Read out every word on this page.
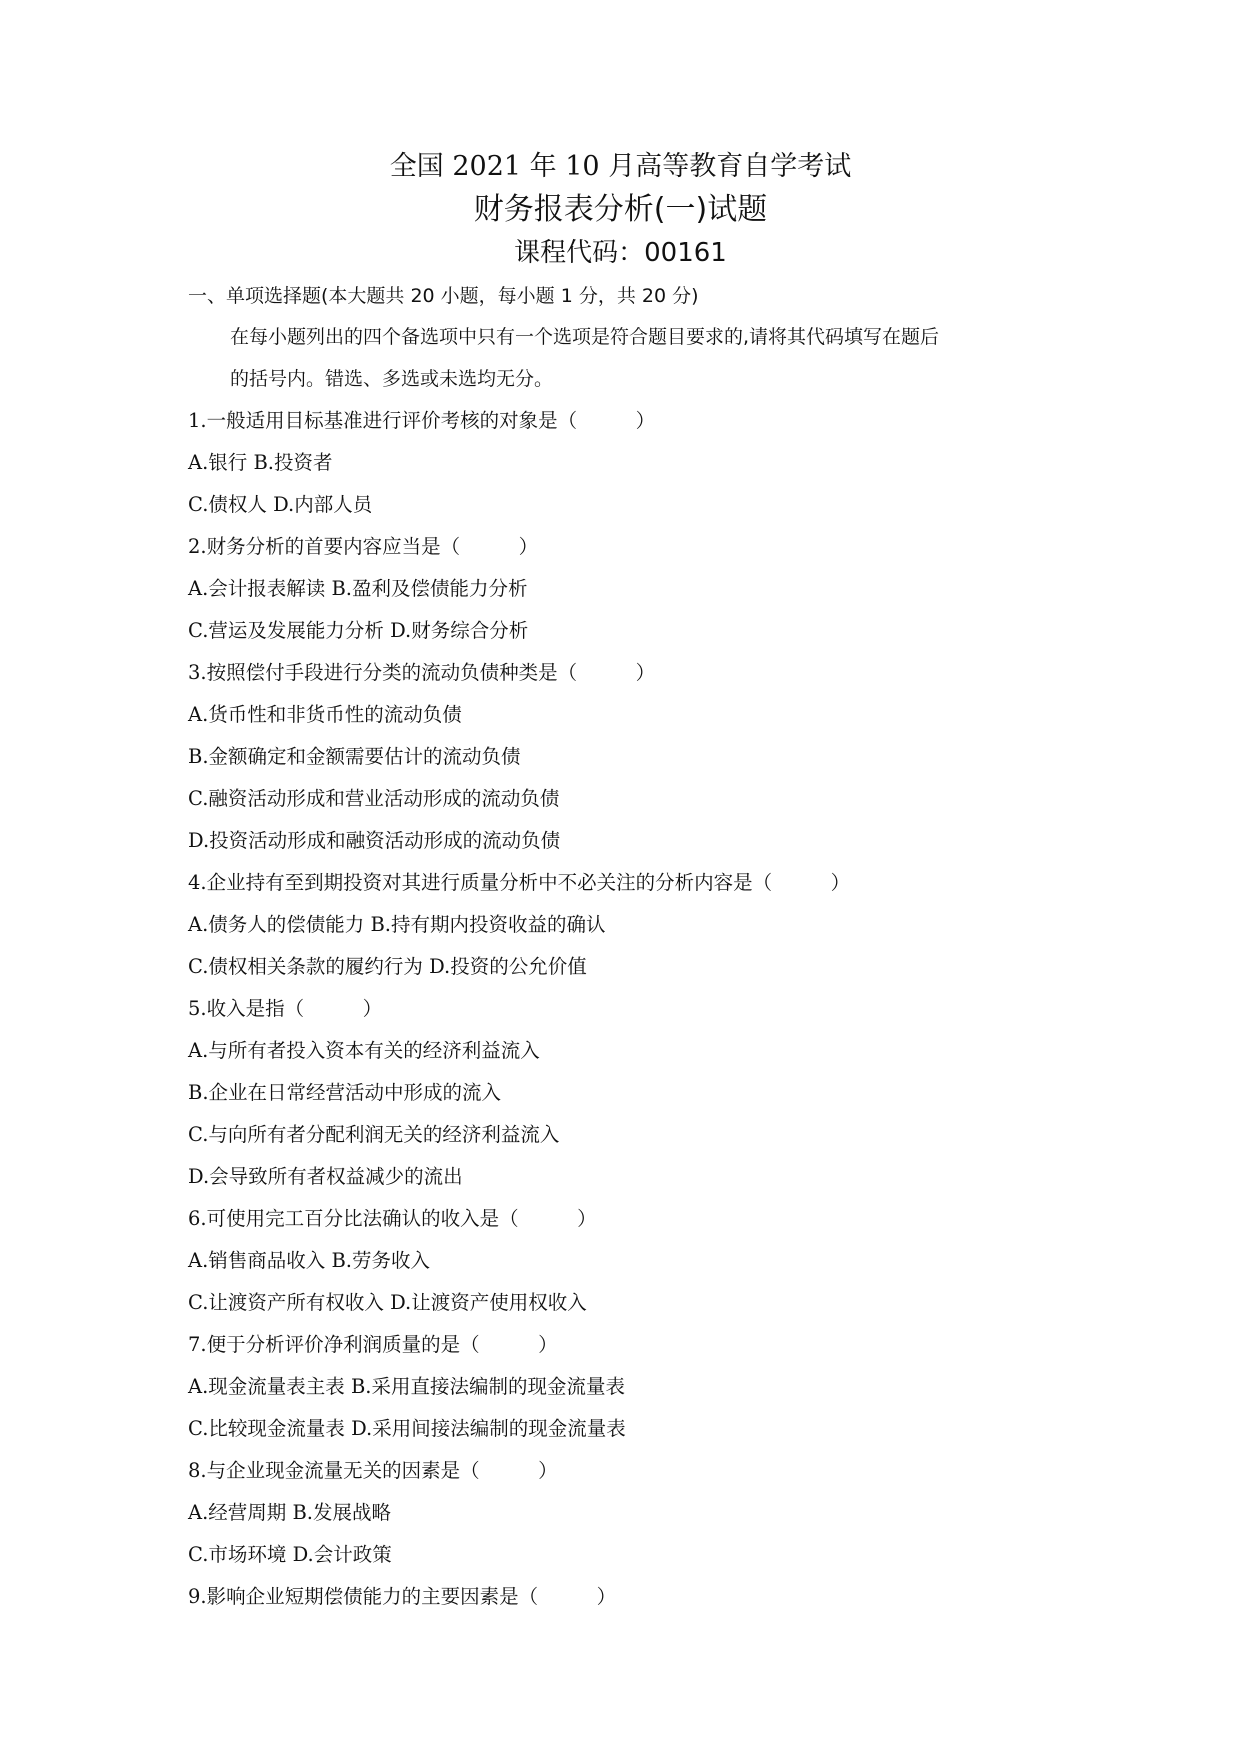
全国 2021 年 10 月高等教育自学考试
财务报表分析(一)试题
课程代码：00161
一、单项选择题(本大题共 20 小题，每小题 1 分，共 20 分)
在每小题列出的四个备选项中只有一个选项是符合题目要求的,请将其代码填写在题后
的括号内。错选、多选或未选均无分。
1.一般适用目标基准进行评价考核的对象是（　　　）
A.银行 B.投资者
C.债权人 D.内部人员
2.财务分析的首要内容应当是（　　　）
A.会计报表解读 B.盈利及偿债能力分析
C.营运及发展能力分析 D.财务综合分析
3.按照偿付手段进行分类的流动负债种类是（　　　）
A.货币性和非货币性的流动负债
B.金额确定和金额需要估计的流动负债
C.融资活动形成和营业活动形成的流动负债
D.投资活动形成和融资活动形成的流动负债
4.企业持有至到期投资对其进行质量分析中不必关注的分析内容是（　　　）
A.债务人的偿债能力 B.持有期内投资收益的确认
C.债权相关条款的履约行为 D.投资的公允价值
5.收入是指（　　　）
A.与所有者投入资本有关的经济利益流入
B.企业在日常经营活动中形成的流入
C.与向所有者分配利润无关的经济利益流入
D.会导致所有者权益减少的流出
6.可使用完工百分比法确认的收入是（　　　）
A.销售商品收入 B.劳务收入
C.让渡资产所有权收入 D.让渡资产使用权收入
7.便于分析评价净利润质量的是（　　　）
A.现金流量表主表 B.采用直接法编制的现金流量表
C.比较现金流量表 D.采用间接法编制的现金流量表
8.与企业现金流量无关的因素是（　　　）
A.经营周期 B.发展战略
C.市场环境 D.会计政策
9.影响企业短期偿债能力的主要因素是（　　　）
